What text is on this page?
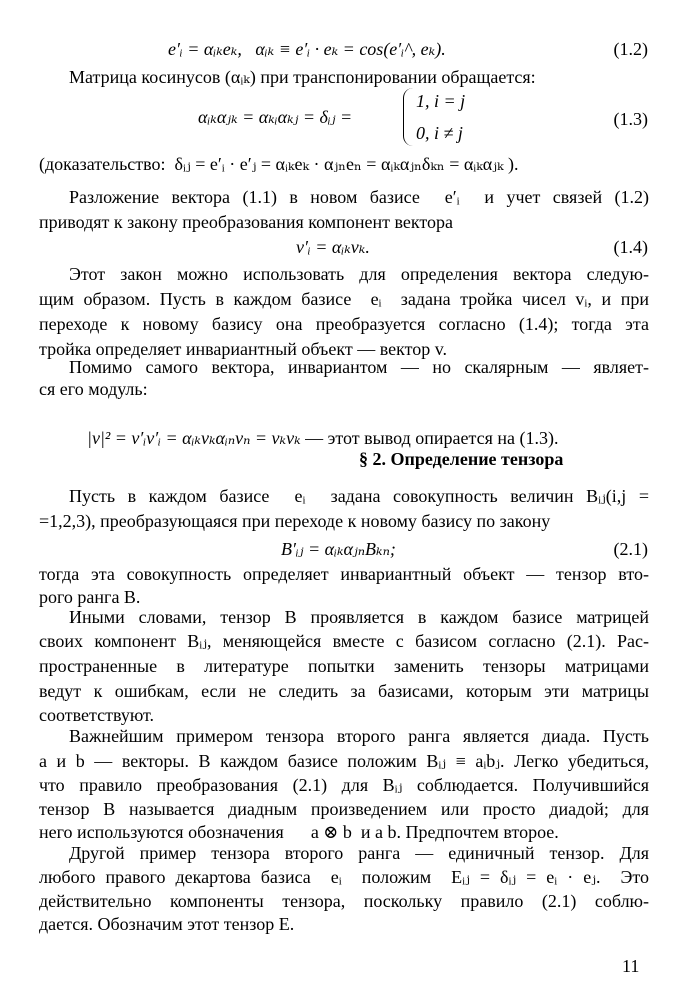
e′ᵢ = αᵢₖeₖ,   αᵢₖ ≡ e′ᵢ · eₖ = cos(e′ᵢ^, eₖ).	(1.2)
Матрица косинусов (αᵢₖ) при транспонировании обращается:
αᵢₖαⱼₖ = αₖᵢαₖⱼ = δᵢⱼ =
1, i = j
0, i ≠ j
(1.3)
(доказательство:  δᵢⱼ = e′ᵢ · e′ⱼ = αᵢₖeₖ · αⱼₙeₙ = αᵢₖαⱼₙδₖₙ = αᵢₖαⱼₖ ).
Разложение вектора (1.1) в новом базисе  e′ᵢ  и учет связей (1.2)
приводят к закону преобразования компонент вектора
v′ᵢ = αᵢₖvₖ.	(1.4)
Этот закон можно использовать для определения вектора следую-
щим образом. Пусть в каждом базисе  eᵢ  задана тройка чисел vᵢ, и при
переходе к новому базису она преобразуется согласно (1.4); тогда эта
тройка определяет инвариантный объект — вектор v.
Помимо самого вектора, инвариантом — но скалярным — являет-
ся его модуль:

|v|² = v′ᵢv′ᵢ = αᵢₖvₖαᵢₙvₙ = vₖvₖ — этот вывод опирается на (1.3).

§ 2. Определение тензора
Пусть в каждом базисе  eᵢ  задана совокупность величин Bᵢⱼ(i,j =
=1,2,3), преобразующаяся при переходе к новому базису по закону
B′ᵢⱼ = αᵢₖαⱼₙBₖₙ;	(2.1)
тогда эта совокупность определяет инвариантный объект — тензор вто-
рого ранга B.
Иными словами, тензор B проявляется в каждом базисе матрицей
своих компонент Bᵢⱼ, меняющейся вместе с базисом согласно (2.1). Рас-
пространенные в литературе попытки заменить тензоры матрицами
ведут к ошибкам, если не следить за базисами, которым эти матрицы
соответствуют.
Важнейшим примером тензора второго ранга является диада. Пусть
a и b — векторы. В каждом базисе положим Bᵢⱼ ≡ aᵢbⱼ. Легко убедиться,
что правило преобразования (2.1) для Bᵢⱼ соблюдается. Получившийся
тензор B называется диадным произведением или просто диадой; для
него используются обозначения      a ⊗ b  и a b. Предпочтем второе.
Другой пример тензора второго ранга — единичный тензор. Для
любого правого декартова базиса  eᵢ  положим  Eᵢⱼ = δᵢⱼ = eᵢ · eⱼ.  Это
действительно компоненты тензора, поскольку правило (2.1) соблю-
дается. Обозначим этот тензор E.
11
